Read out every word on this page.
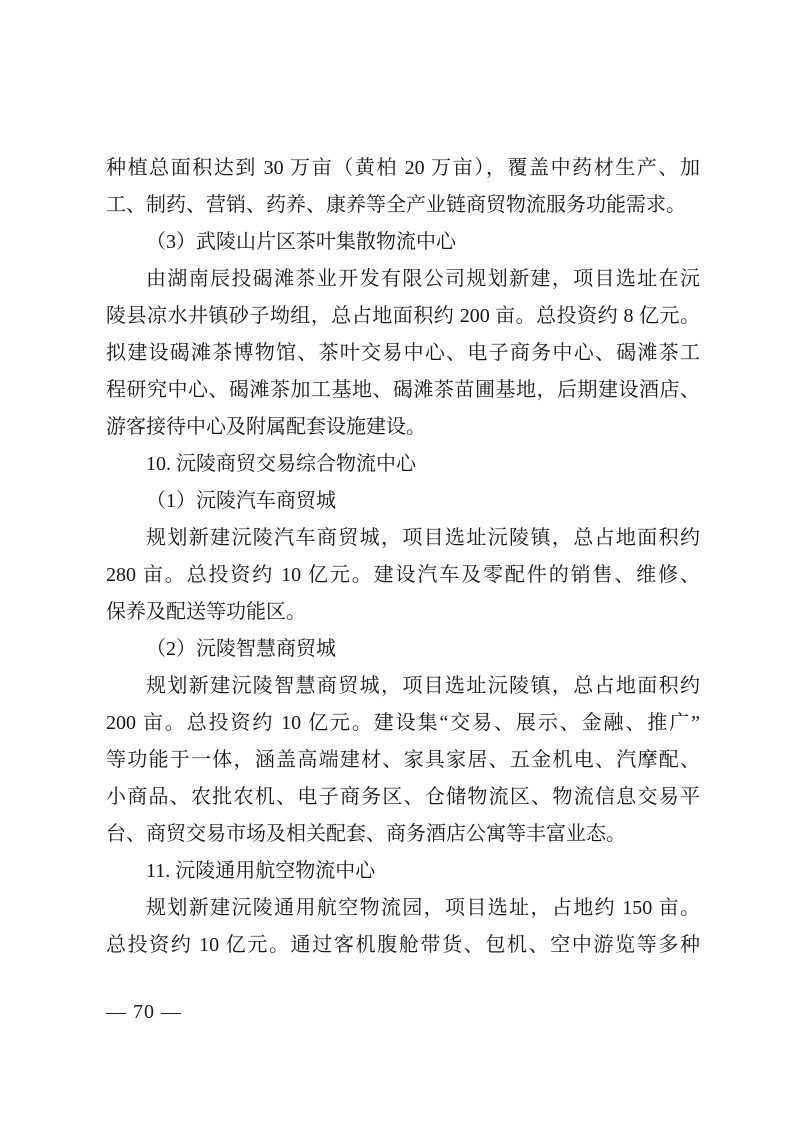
种植总面积达到 30 万亩（黄柏 20 万亩），覆盖中药材生产、加
工、制药、营销、药养、康养等全产业链商贸物流服务功能需求。
（3）武陵山片区茶叶集散物流中心
由湖南辰投碣滩茶业开发有限公司规划新建，项目选址在沅
陵县凉水井镇砂子坳组，总占地面积约 200 亩。总投资约 8 亿元。
拟建设碣滩茶博物馆、茶叶交易中心、电子商务中心、碣滩茶工
程研究中心、碣滩茶加工基地、碣滩茶苗圃基地，后期建设酒店、
游客接待中心及附属配套设施建设。
10. 沅陵商贸交易综合物流中心
（1）沅陵汽车商贸城
规划新建沅陵汽车商贸城，项目选址沅陵镇，总占地面积约
280 亩。总投资约 10 亿元。建设汽车及零配件的销售、维修、
保养及配送等功能区。
（2）沅陵智慧商贸城
规划新建沅陵智慧商贸城，项目选址沅陵镇，总占地面积约
200 亩。总投资约 10 亿元。建设集“交易、展示、金融、推广”
等功能于一体，涵盖高端建材、家具家居、五金机电、汽摩配、
小商品、农批农机、电子商务区、仓储物流区、物流信息交易平
台、商贸交易市场及相关配套、商务酒店公寓等丰富业态。
11. 沅陵通用航空物流中心
规划新建沅陵通用航空物流园，项目选址，占地约 150 亩。
总投资约 10 亿元。通过客机腹舱带货、包机、空中游览等多种
— 70 —
